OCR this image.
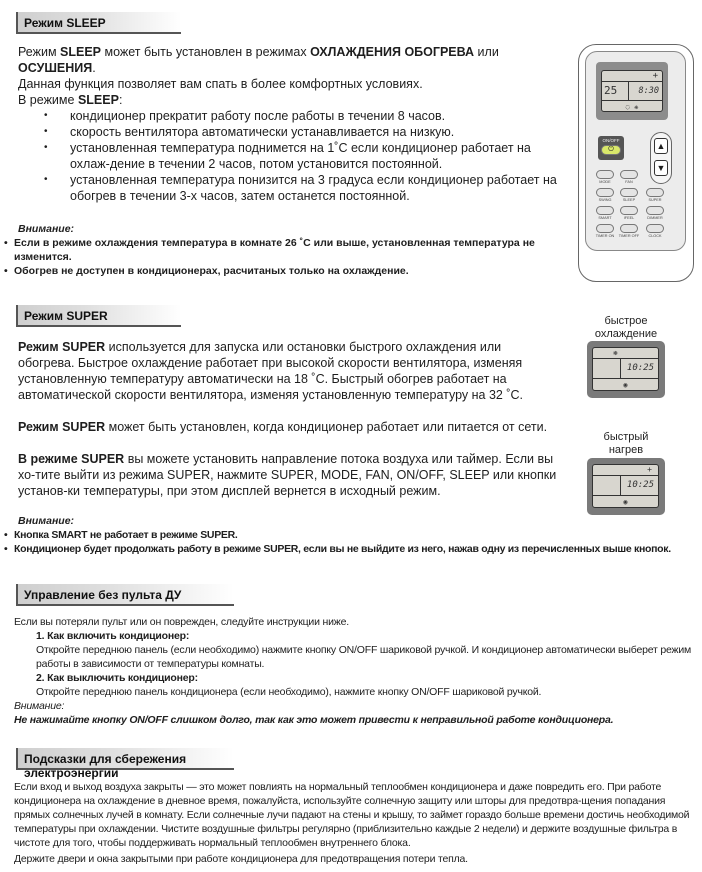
Режим SLEEP
Режим SLEEP может быть установлен в режимах ОХЛАЖДЕНИЯ ОБОГРЕВА или ОСУШЕНИЯ.
Данная функция позволяет вам спать в более комфортных условиях.
В режиме SLEEP:
• кондиционер прекратит работу после работы в течении 8 часов.
• скорость вентилятора автоматически устанавливается на низкую.
• установленная температура поднимется на 1˚С если кондиционер работает на охлаж-дение в течении 2 часов, потом установится постоянной.
• установленная температура понизится на 3 градуса если кондиционер работает на обогрев в течении 3-х часов, затем останется постоянной.
Внимание:
• Если в режиме охлаждения температура в комнате 26 ˚С или выше, установленная температура не изменится.
• Обогрев не доступен в кондиционерах, расчитаных только на охлаждение.
+
25	8:30
◌ ❋
ON/OFF
⏻	▲
▼
MODE	FAN
SWING	SLEEP	SUPER
SMART	IFEEL	DIMMER
TIMER ON	TIMER OFF	CLOCK
Режим SUPER
Режим SUPER используется для запуска или остановки быстрого охлаждения или обогрева. Быстрое охлаждение работает при высокой скорости вентилятора, изменяя установленную температуру автоматически на 18 ˚С. Быстрый обогрев работает на автоматической скорости вентилятора, изменяя установленную температуру на 32 ˚С.
Режим SUPER может быть установлен, когда кондиционер работает или питается от сети.
В режиме SUPER вы можете установить направление потока воздуха или таймер. Если вы хо-тите выйти из режима SUPER, нажмите SUPER, MODE, FAN, ON/OFF, SLEEP или кнопки установ-ки температуры, при этом дисплей вернется в исходный режим.
Внимание:
• Кнопка SMART не работает в режиме SUPER.
• Кондиционер будет продолжать работу в режиме SUPER, если вы не выйдите из него, нажав одну из перечисленных выше кнопок.
быстрое охлаждение
❋
10:25
◉
быстрый нагрев
+
10:25
◉
Управление без пульта ДУ
Если вы потеряли пульт или он поврежден, следуйте инструкции ниже.
1. Как включить кондиционер:
Откройте переднюю панель (если необходимо) нажмите кнопку ON/OFF шариковой ручкой. И кондиционер автоматически выберет режим работы в зависимости от температуры комнаты.
2. Как выключить кондиционер:
Откройте переднюю панель кондиционера (если необходимо), нажмите кнопку ON/OFF шариковой ручкой.
Внимание:
Не нажимайте кнопку ON/OFF слишком долго, так как это может привести к неправильной работе кондиционера.
Подсказки для сбережения электроэнергии
Если вход и выход воздуха закрыты — это может повлиять на нормальный теплообмен кондиционера и даже повредить его. При работе кондиционера на охлаждение в дневное время, пожалуйста, используйте солнечную защиту или шторы для предотвра-щения попадания прямых солнечных лучей в комнату. Если солнечные лучи падают на стены и крышу, то займет гораздо больше времени достичь необходимой температуры при охлаждении. Чистите воздушные фильтры регулярно (приблизительно каждые 2 недели) и держите воздушные фильтра в чистоте для того, чтобы поддерживать нормальный теплообмен внутреннего блока.
Держите двери и окна закрытыми при работе кондиционера для предотвращения потери тепла.
